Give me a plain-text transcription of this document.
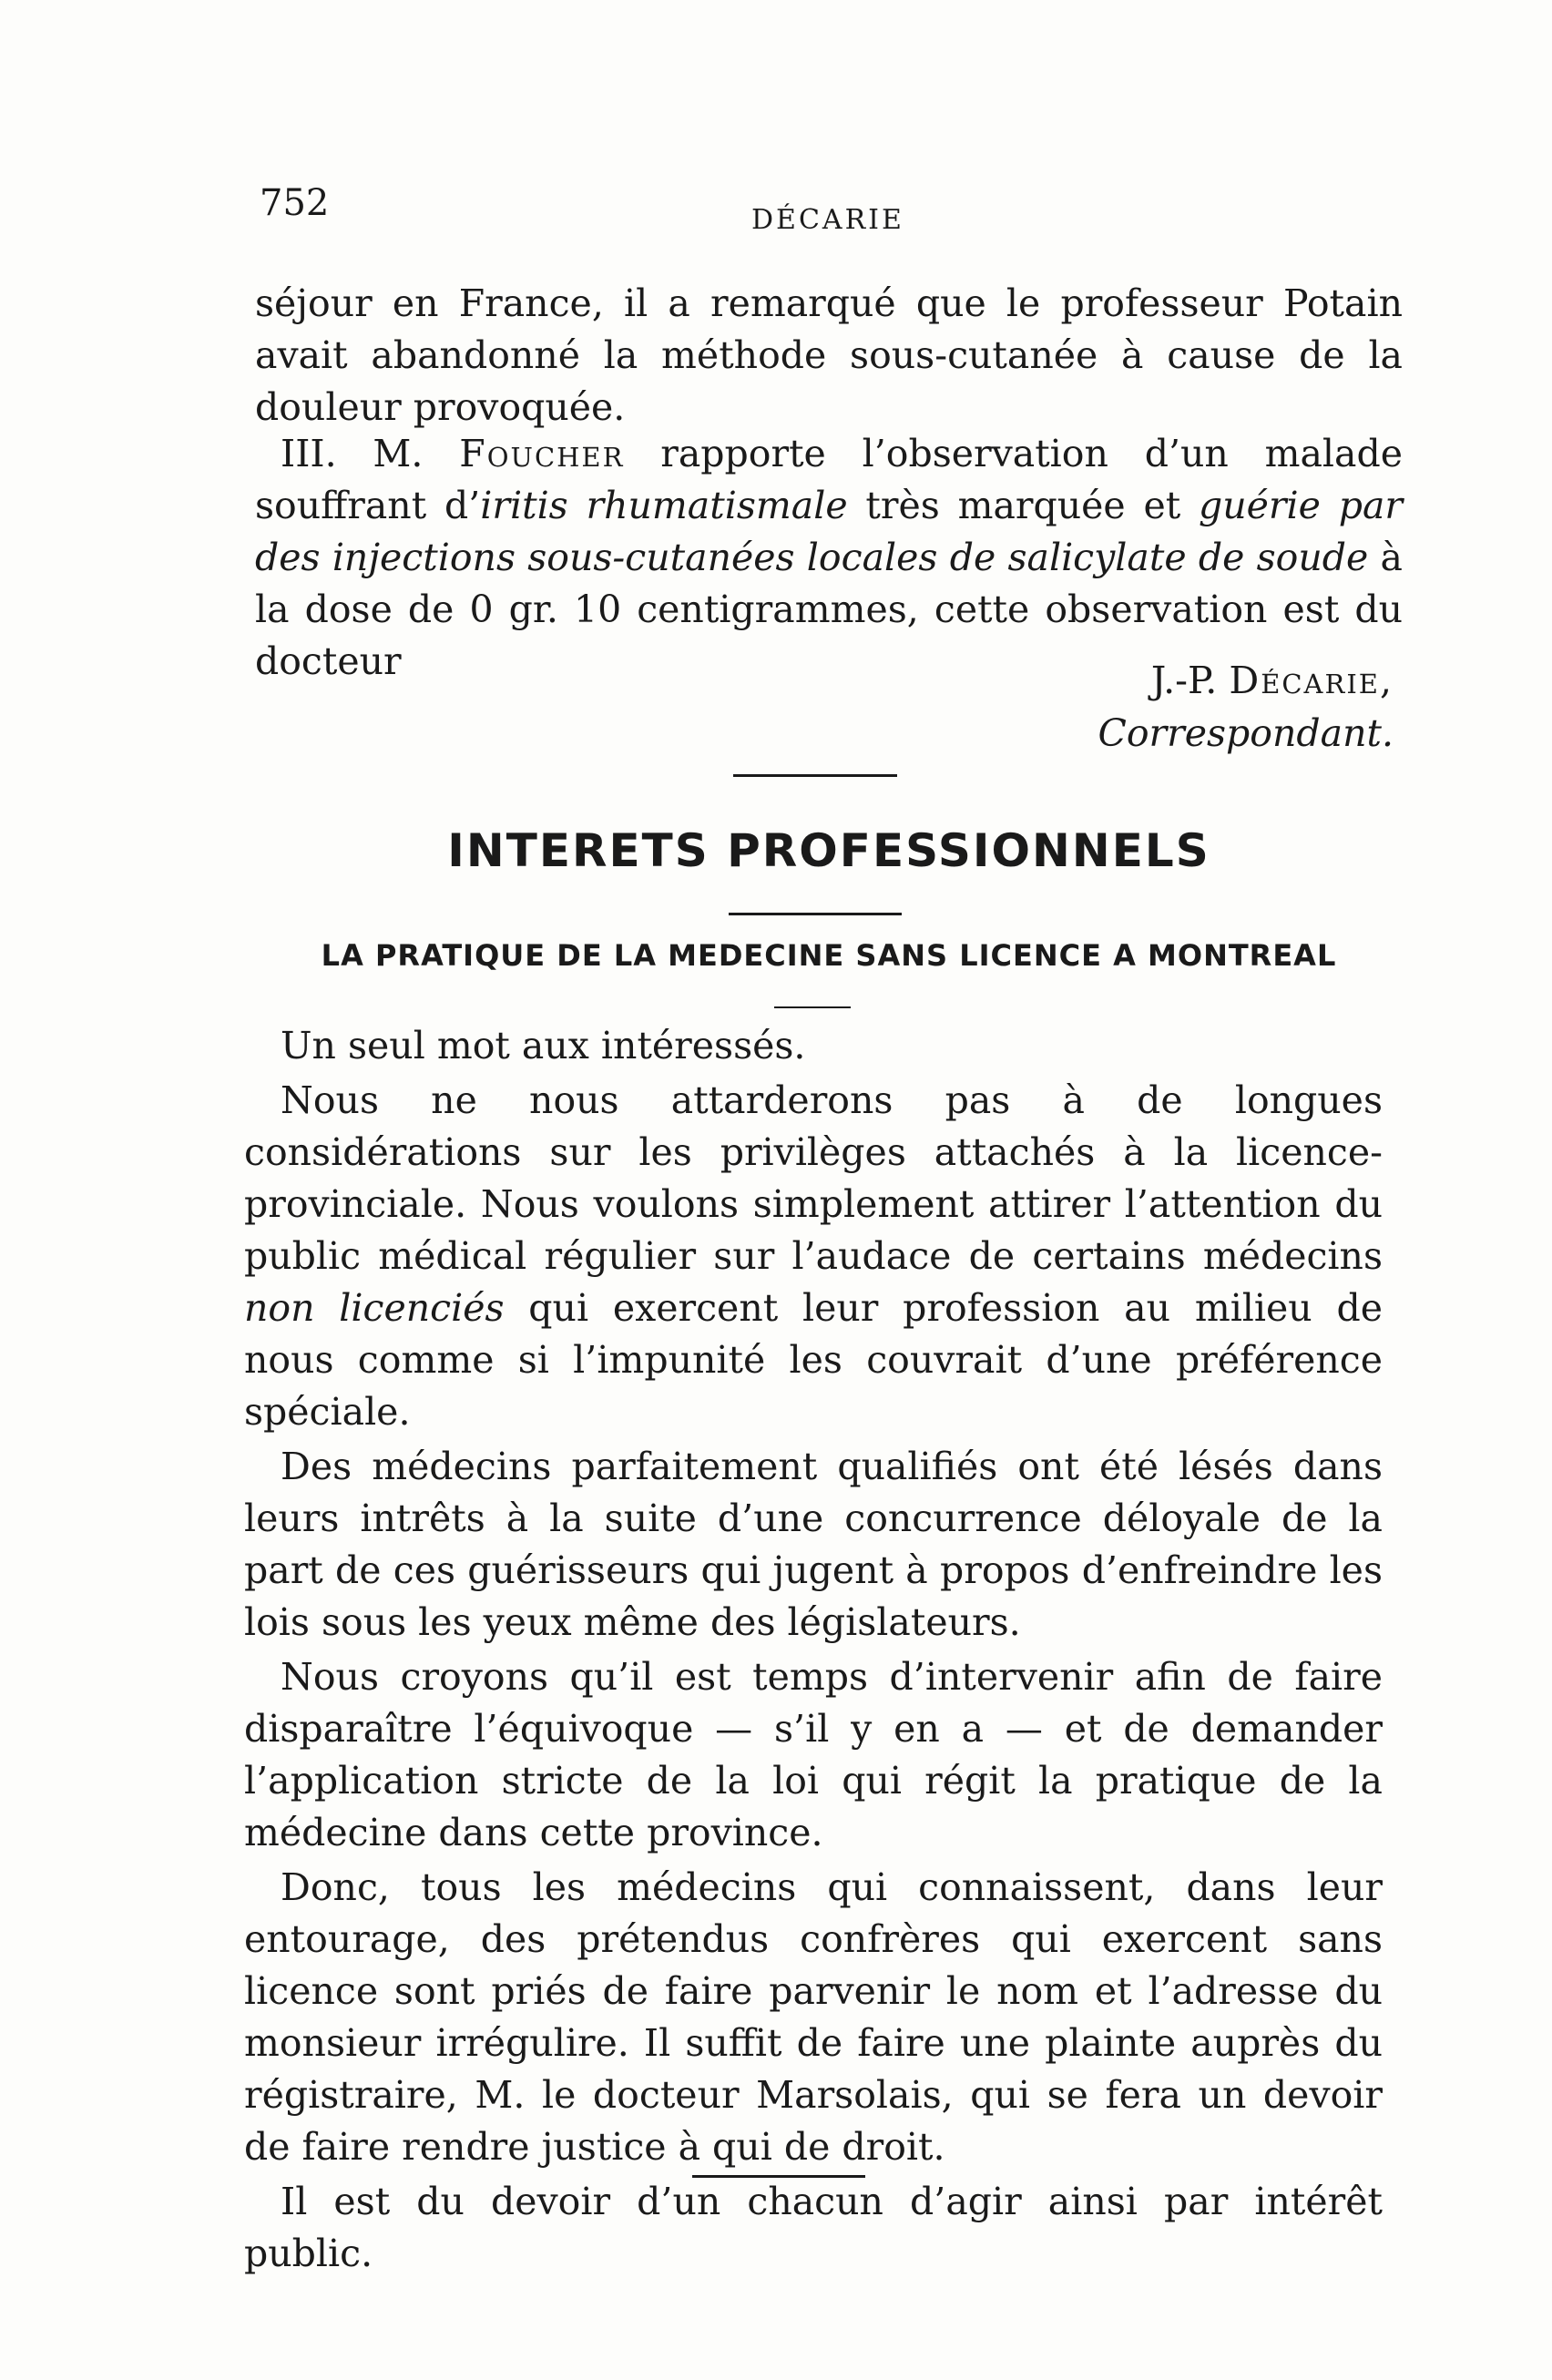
752	DÉCARIE

séjour en France, il a remarqué que le professeur Potain avait abandonné la méthode sous-cutanée à cause de la douleur provoquée.

III. M. Foucher rapporte l’observation d’un malade souffrant d’iritis rhumatismale très marquée et guérie par des injections sous-cutanées locales de salicylate de soude à la dose de 0 gr. 10 centigrammes, cette observation est du docteur	J.-P. Décarie,
Correspondant.
INTERETS PROFESSIONNELS
LA PRATIQUE DE LA MEDECINE SANS LICENCE A MONTREAL

Un seul mot aux intéressés.

Nous ne nous attarderons pas à de longues considérations sur les privilèges attachés à la licence-provinciale. Nous voulons simplement attirer l’attention du public médical régulier sur l’audace de certains médecins non licenciés qui exercent leur profession au milieu de nous comme si l’impunité les couvrait d’une préférence spéciale.

Des médecins parfaitement qualifiés ont été lésés dans leurs intrêts à la suite d’une concurrence déloyale de la part de ces guérisseurs qui jugent à propos d’enfreindre les lois sous les yeux même des législateurs.

Nous croyons qu’il est temps d’intervenir afin de faire disparaître l’équivoque — s’il y en a — et de demander l’application stricte de la loi qui régit la pratique de la médecine dans cette province.

Donc, tous les médecins qui connaissent, dans leur entourage, des prétendus confrères qui exercent sans licence sont priés de faire parvenir le nom et l’adresse du monsieur irrégulire. Il suffit de faire une plainte auprès du régistraire, M. le docteur Marsolais, qui se fera un devoir de faire rendre justice à qui de droit.

Il est du devoir d’un chacun d’agir ainsi par intérêt public.
